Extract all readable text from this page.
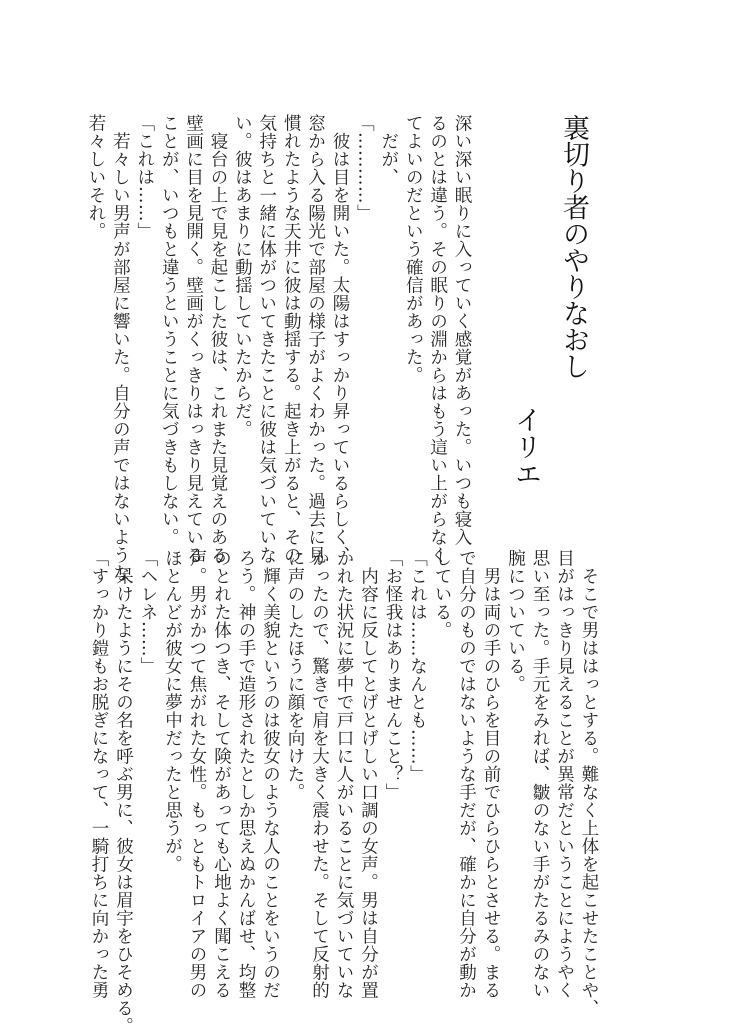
裏切り者のやりなおし
イリエ
深い深い眠りに入っていく感覚があった。いつも寝入
るのとは違う。その眠りの淵からはもう這い上がらなく
てよいのだという確信があった。
　だが、
「…………」
　彼は目を開いた。太陽はすっかり昇っているらしく、
窓から入る陽光で部屋の様子がよくわかった。過去に見
慣れたような天井に彼は動揺する。起き上がると、その
気持ちと一緒に体がついてきたことに彼は気づいていな
い。彼はあまりに動揺していたからだ。
　寝台の上で見を起こした彼は、これまた見覚えのある
壁画に目を見開く。壁画がくっきりはっきり見えている
ことが、いつもと違うということに気づきもしない。
「これは……」
　若々しい男声が部屋に響いた。自分の声ではないような
若々しいそれ。
　そこで男ははっとする。難なく上体を起こせたことや、
目がはっきり見えることが異常だということにようやく
思い至った。手元をみれば、皺のない手がたるみのない
腕についている。
　男は両の手のひらを目の前でひらひらとさせる。まる
で自分のものではないような手だが、確かに自分が動か
している。
「これは……なんとも……」
「お怪我はありませんこと？」
　内容に反してとげとげしい口調の女声。男は自分が置
かれた状況に夢中で戸口に人がいることに気づいていな
かったので、驚きで肩を大きく震わせた。そして反射的
に声のしたほうに顔を向けた。
　輝く美貌というのは彼女のような人のことをいうのだ
ろう。神の手で造形されたとしか思えぬかんばせ、均整
のとれた体つき、そして険があっても心地よく聞こえる
声。男がかつて焦がれた女性。もっともトロイアの男の
ほとんどが彼女に夢中だったと思うが。
「ヘレネ……」
　呆けたようにその名を呼ぶ男に、彼女は眉宇をひそめる。
「すっかり鎧もお脱ぎになって、一騎打ちに向かった勇
